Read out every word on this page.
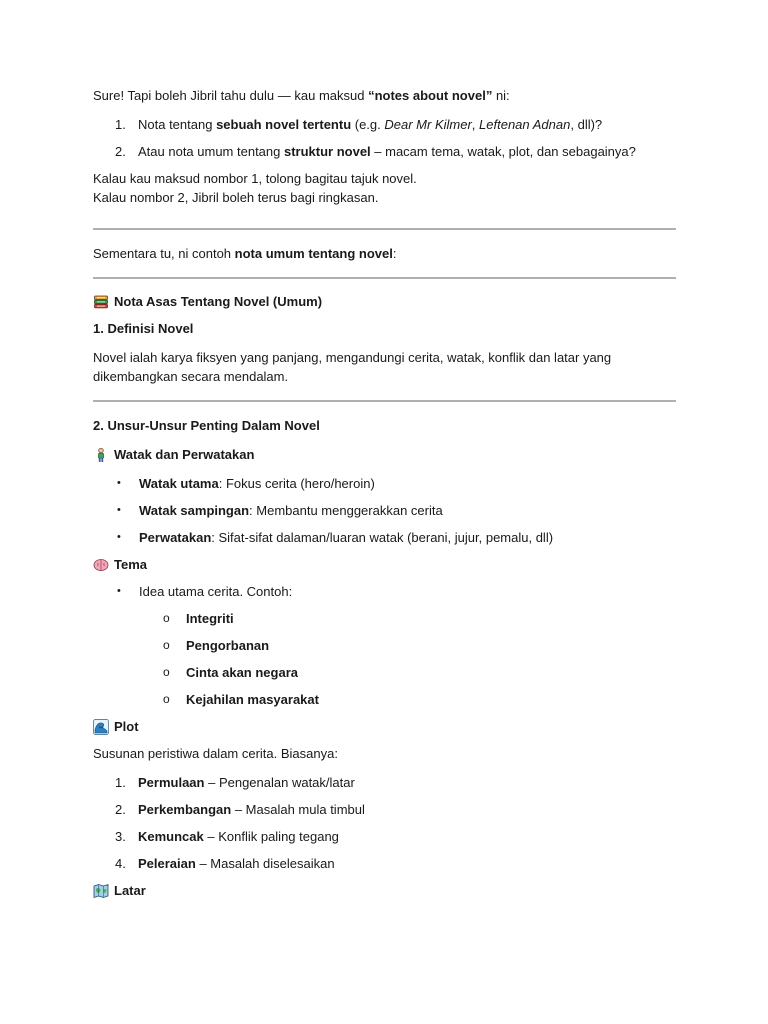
Sure! Tapi boleh Jibril tahu dulu — kau maksud “notes about novel” ni:

1. Nota tentang sebuah novel tertentu (e.g. Dear Mr Kilmer, Leftenan Adnan, dll)?
2. Atau nota umum tentang struktur novel – macam tema, watak, plot, dan sebagainya?

Kalau kau maksud nombor 1, tolong bagitau tajuk novel.

Kalau nombor 2, Jibril boleh terus bagi ringkasan.

Sementara tu, ni contoh nota umum tentang novel:

Nota Asas Tentang Novel (Umum)

1. Definisi Novel

Novel ialah karya fiksyen yang panjang, mengandungi cerita, watak, konflik dan latar yang dikembangkan secara mendalam.

2. Unsur-Unsur Penting Dalam Novel

Watak dan Perwatakan
• Watak utama: Fokus cerita (hero/heroin)
• Watak sampingan: Membantu menggerakkan cerita
• Perwatakan: Sifat-sifat dalaman/luaran watak (berani, jujur, pemalu, dll)
Tema
• Idea utama cerita. Contoh:
o Integriti
o Pengorbanan
o Cinta akan negara
o Kejahilan masyarakat
Plot

Susunan peristiwa dalam cerita. Biasanya:

1. Permulaan – Pengenalan watak/latar
2. Perkembangan – Masalah mula timbul
3. Kemuncak – Konflik paling tegang
4. Peleraian – Masalah diselesaikan
Latar
